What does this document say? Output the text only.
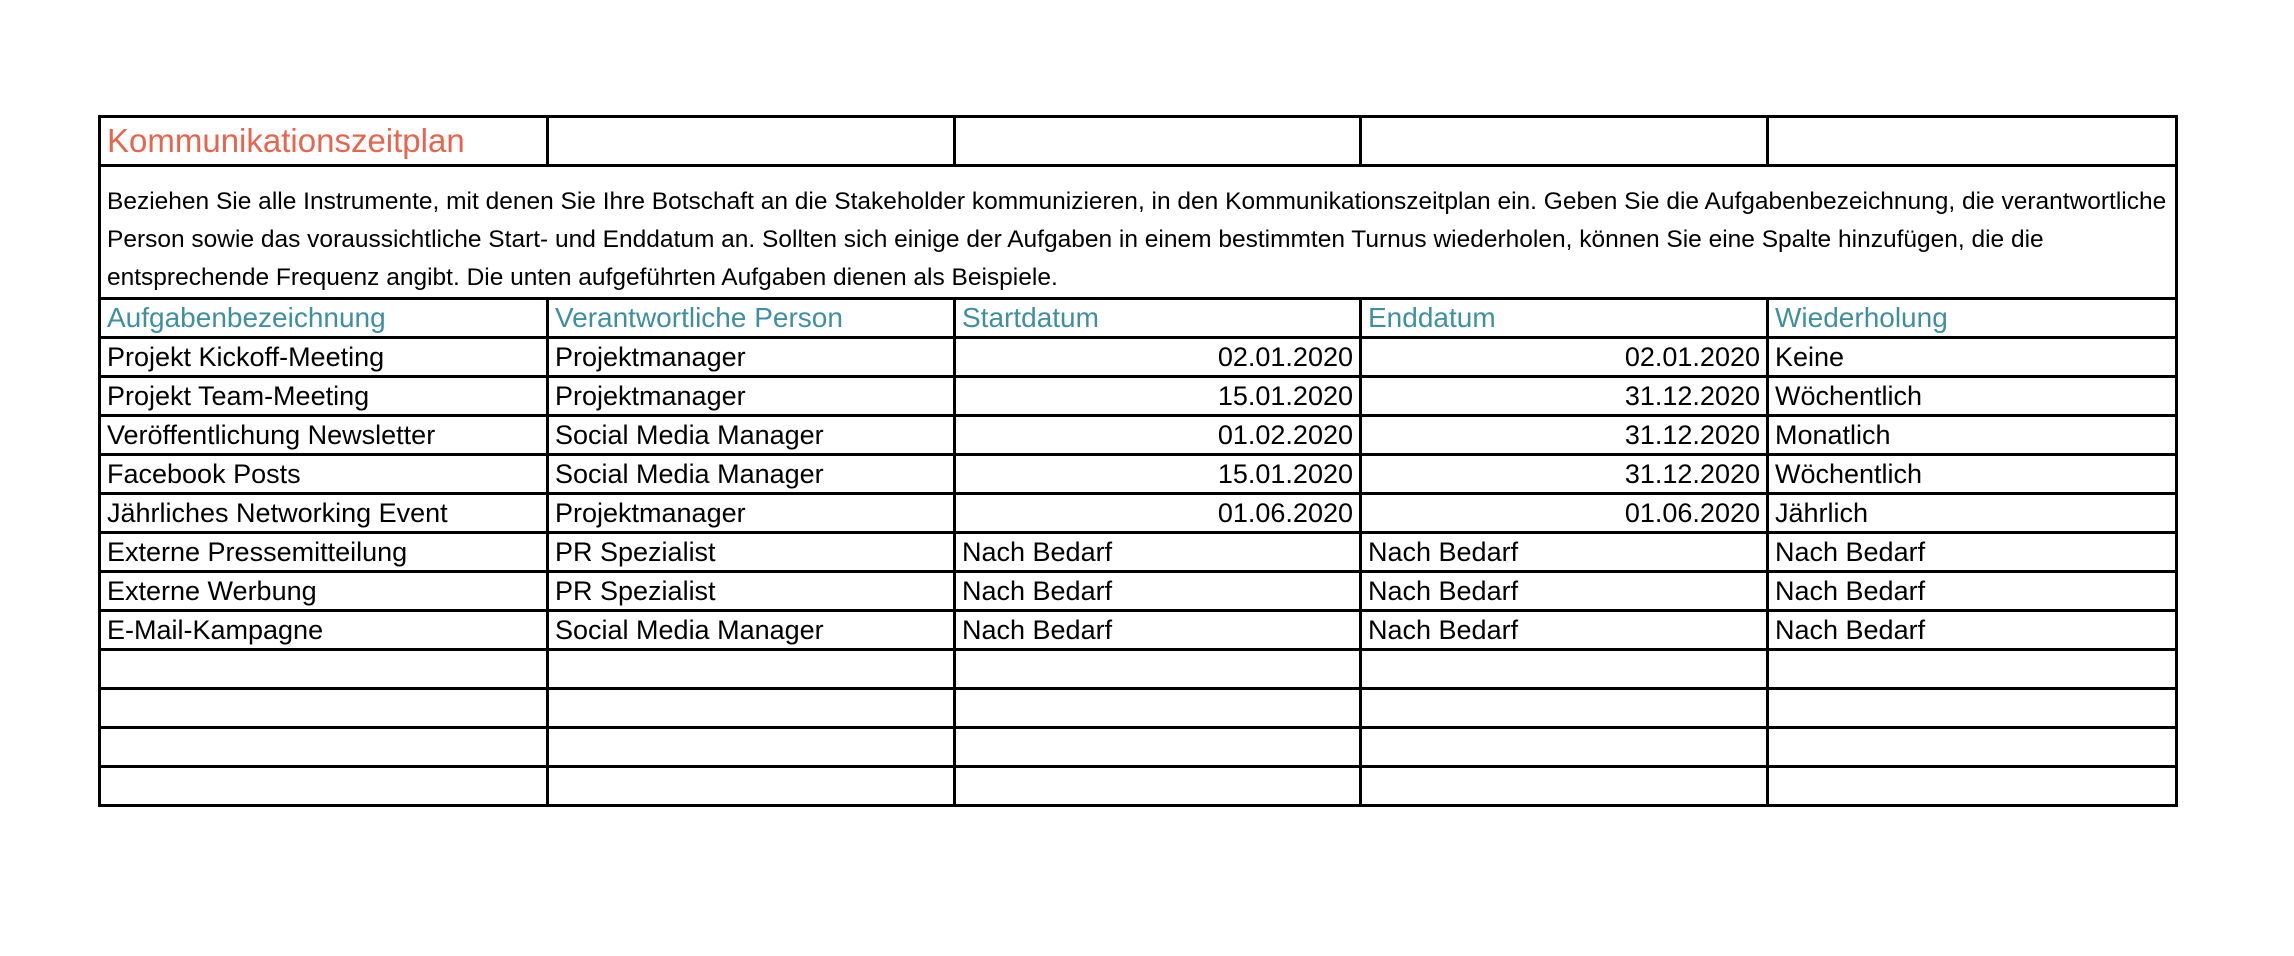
Kommunikationszeitplan				
Beziehen Sie alle Instrumente, mit denen Sie Ihre Botschaft an die Stakeholder kommunizieren, in den Kommunikationszeitplan ein. Geben Sie die Aufgabenbezeichnung, die verantwortliche Person sowie das voraussichtliche Start- und Enddatum an. Sollten sich einige der Aufgaben in einem bestimmten Turnus wiederholen, können Sie eine Spalte hinzufügen, die die entsprechende Frequenz angibt. Die unten aufgeführten Aufgaben dienen als Beispiele.				
Aufgabenbezeichnung	Verantwortliche Person	Startdatum	Enddatum	Wiederholung
Projekt Kickoff-Meeting	Projektmanager	02.01.2020	02.01.2020	Keine
Projekt Team-Meeting	Projektmanager	15.01.2020	31.12.2020	Wöchentlich
Veröffentlichung Newsletter	Social Media Manager	01.02.2020	31.12.2020	Monatlich
Facebook Posts	Social Media Manager	15.01.2020	31.12.2020	Wöchentlich
Jährliches Networking Event	Projektmanager	01.06.2020	01.06.2020	Jährlich
Externe Pressemitteilung	PR Spezialist	Nach Bedarf	Nach Bedarf	Nach Bedarf
Externe Werbung	PR Spezialist	Nach Bedarf	Nach Bedarf	Nach Bedarf
E-Mail-Kampagne	Social Media Manager	Nach Bedarf	Nach Bedarf	Nach Bedarf
